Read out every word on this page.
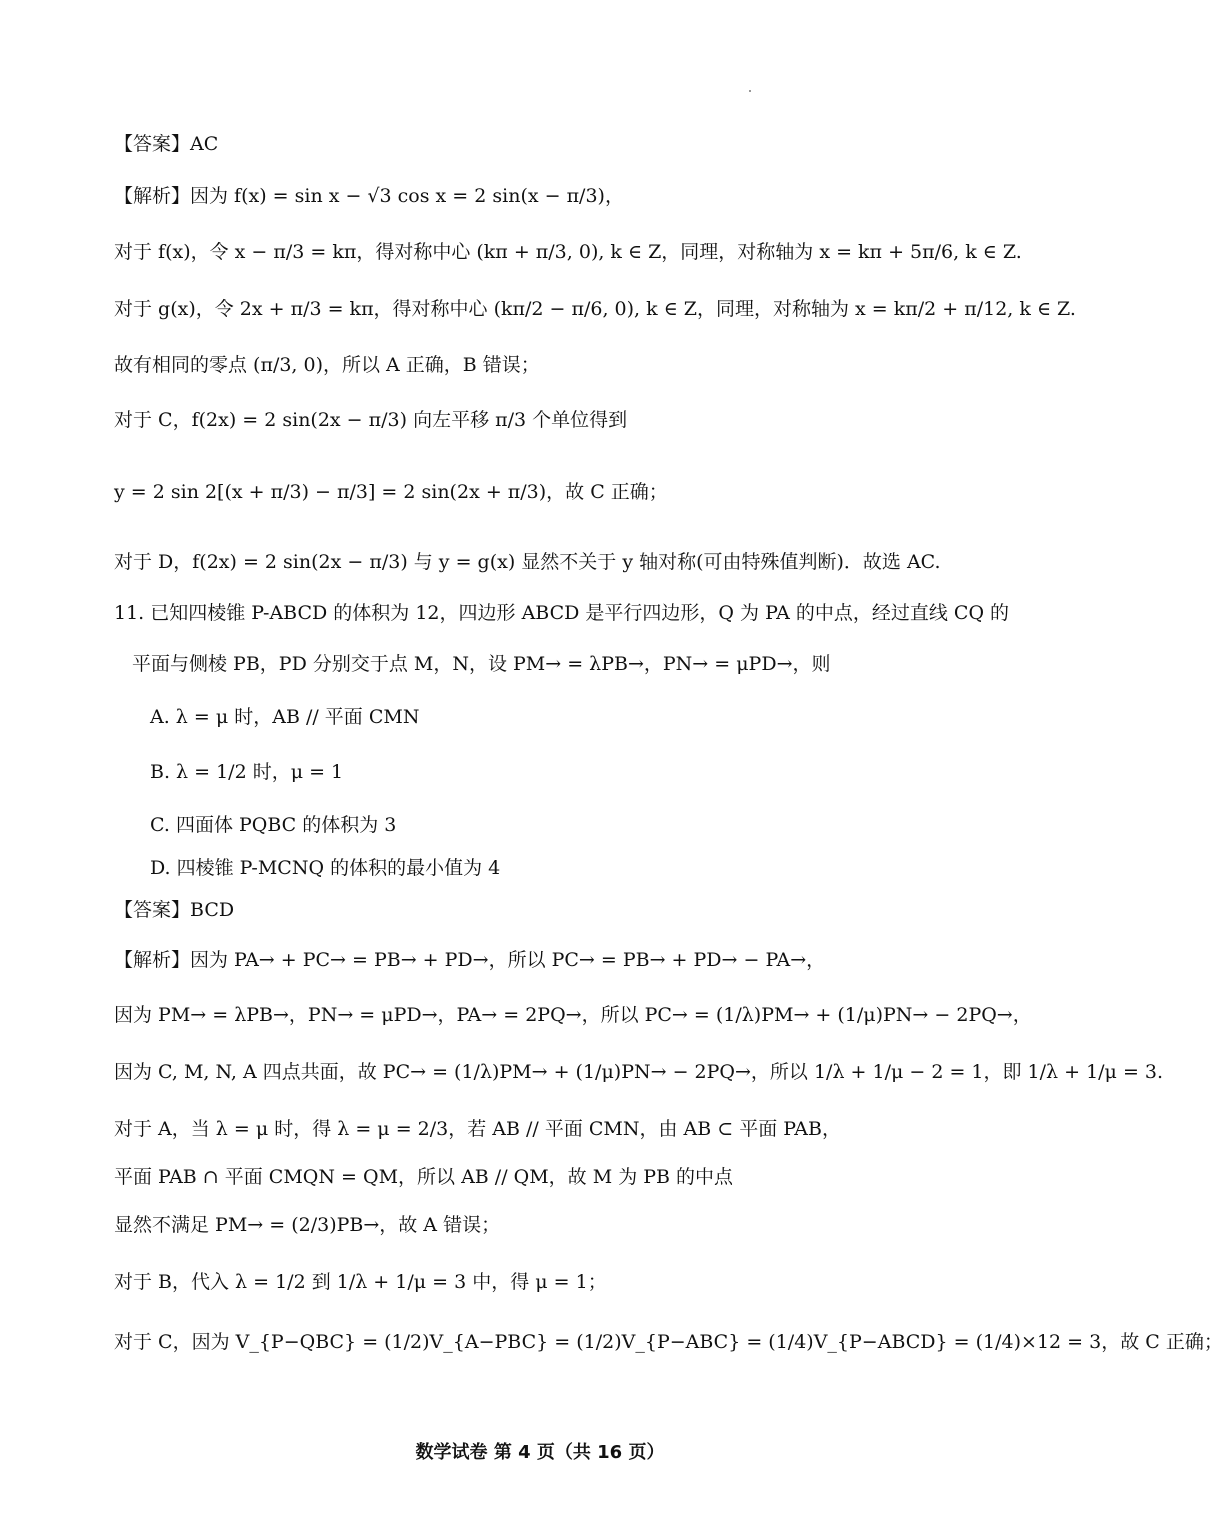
【答案】AC
【解析】因为 f(x) = sin x − √3 cos x = 2 sin(x − π/3)，
对于 f(x)，令 x − π/3 = kπ，得对称中心 (kπ + π/3, 0), k ∈ Z，同理，对称轴为 x = kπ + 5π/6, k ∈ Z.
对于 g(x)，令 2x + π/3 = kπ，得对称中心 (kπ/2 − π/6, 0), k ∈ Z，同理，对称轴为 x = kπ/2 + π/12, k ∈ Z.
故有相同的零点 (π/3, 0)，所以 A 正确，B 错误；
对于 C，f(2x) = 2 sin(2x − π/3) 向左平移 π/3 个单位得到
y = 2 sin 2[(x + π/3) − π/3] = 2 sin(2x + π/3)，故 C 正确；
对于 D，f(2x) = 2 sin(2x − π/3) 与 y = g(x) 显然不关于 y 轴对称(可由特殊值判断)．故选 AC.
11. 已知四棱锥 P-ABCD 的体积为 12，四边形 ABCD 是平行四边形，Q 为 PA 的中点，经过直线 CQ 的
平面与侧棱 PB，PD 分别交于点 M，N，设 PM→ = λPB→，PN→ = μPD→，则
A. λ = μ 时，AB // 平面 CMN
B. λ = 1/2 时，μ = 1
C. 四面体 PQBC 的体积为 3
D. 四棱锥 P-MCNQ 的体积的最小值为 4
【答案】BCD
【解析】因为 PA→ + PC→ = PB→ + PD→，所以 PC→ = PB→ + PD→ − PA→，
因为 PM→ = λPB→，PN→ = μPD→，PA→ = 2PQ→，所以 PC→ = (1/λ)PM→ + (1/μ)PN→ − 2PQ→，
因为 C, M, N, A 四点共面，故 PC→ = (1/λ)PM→ + (1/μ)PN→ − 2PQ→，所以 1/λ + 1/μ − 2 = 1，即 1/λ + 1/μ = 3.
对于 A，当 λ = μ 时，得 λ = μ = 2/3，若 AB // 平面 CMN，由 AB ⊂ 平面 PAB，
平面 PAB ∩ 平面 CMQN = QM，所以 AB // QM，故 M 为 PB 的中点
显然不满足 PM→ = (2/3)PB→，故 A 错误；
对于 B，代入 λ = 1/2 到 1/λ + 1/μ = 3 中，得 μ = 1；
对于 C，因为 V_{P−QBC} = (1/2)V_{A−PBC} = (1/2)V_{P−ABC} = (1/4)V_{P−ABCD} = (1/4)×12 = 3，故 C 正确；
数学试卷 第 4 页（共 16 页）
